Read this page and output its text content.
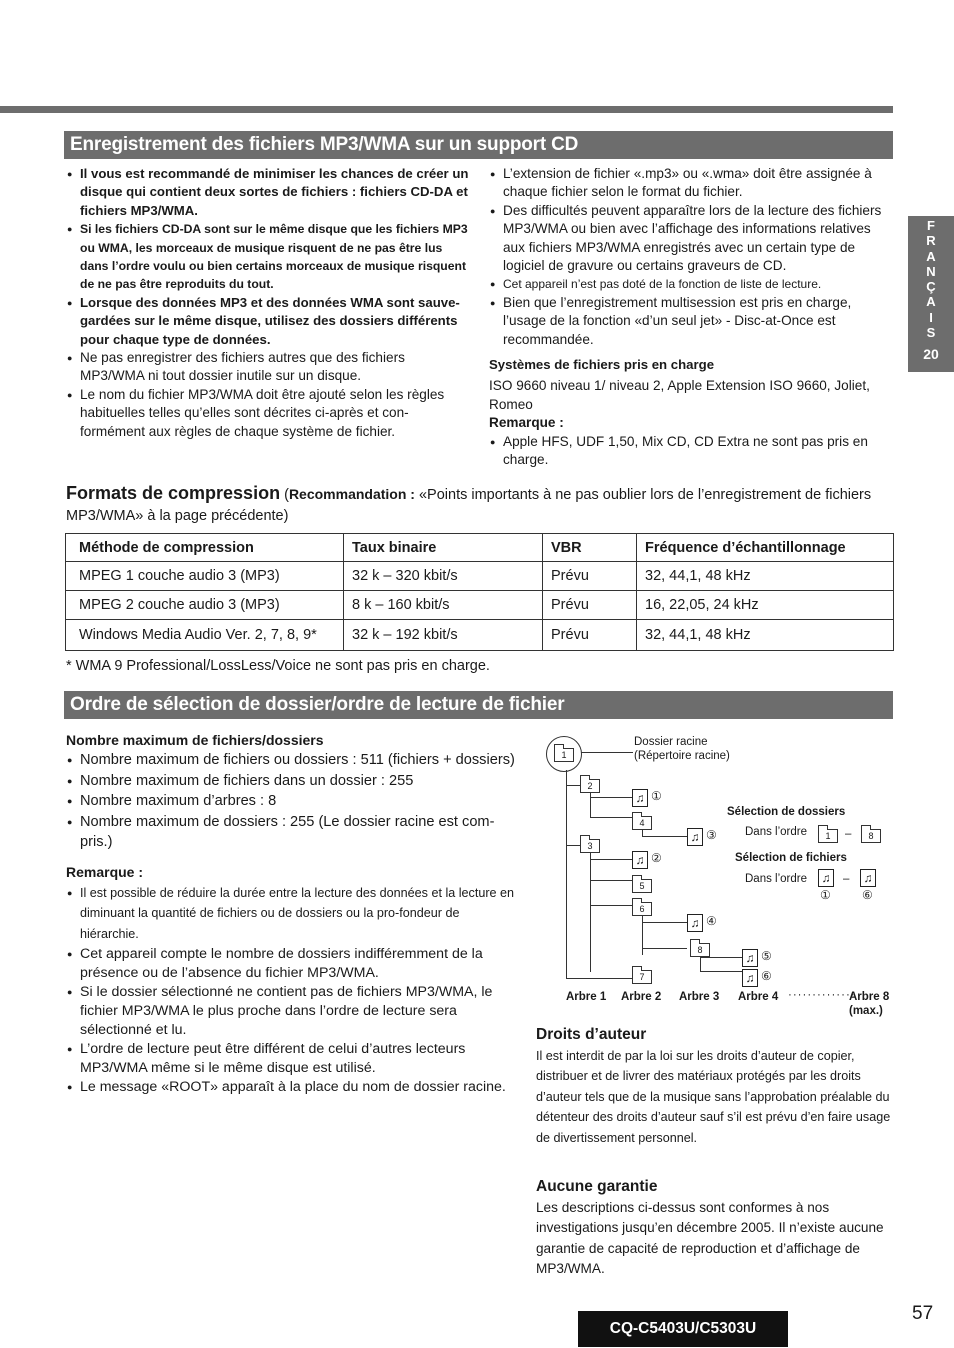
Enregistrement des fichiers MP3/WMA sur un support CD
● Il vous est recommandé de minimiser les chances de créer un disque qui contient deux sortes de fichiers : fichiers CD-DA et fichiers MP3/WMA.
● Si les fichiers CD-DA sont sur le même disque que les fichiers MP3 ou WMA, les morceaux de musique risquent de ne pas être lus dans l’ordre voulu ou bien certains morceaux de musique risquent de ne pas être reproduits du tout.
● Lorsque des données MP3 et des données WMA sont sauve-gardées sur le même disque, utilisez des dossiers différents pour chaque type de données.
● Ne pas enregistrer des fichiers autres que des fichiers MP3/WMA ni tout dossier inutile sur un disque.
● Le nom du fichier MP3/WMA doit être ajouté selon les règles habituelles telles qu’elles sont décrites ci-après et con-formément aux règles de chaque système de fichier.
● L’extension de fichier «.mp3» ou «.wma» doit être assignée à chaque fichier selon le format du fichier.
● Des difficultés peuvent apparaître lors de la lecture des fichiers MP3/WMA ou bien avec l’affichage des informations relatives aux fichiers MP3/WMA enregistrés avec un certain type de logiciel de gravure ou certains graveurs de CD.
● Cet appareil n’est pas doté de la fonction de liste de lecture.
● Bien que l’enregistrement multisession est pris en charge, l’usage de la fonction «d’un seul jet» - Disc-at-Once est recommandée.
Systèmes de fichiers pris en charge
ISO 9660 niveau 1/ niveau 2, Apple Extension ISO 9660, Joliet, Romeo
Remarque :
● Apple HFS, UDF 1,50, Mix CD, CD Extra ne sont pas pris en charge.
F
R
A
N
Ç
A
I
S
20
Formats de compression (Recommandation : «Points importants à ne pas oublier lors de l’enregistrement de fichiers
MP3/WMA» à la page précédente)
Méthode de compression	Taux binaire	VBR	Fréquence d’échantillonnage
MPEG 1 couche audio 3 (MP3)	32 k – 320 kbit/s	Prévu	32, 44,1, 48 kHz
MPEG 2 couche audio 3 (MP3)	8 k – 160 kbit/s	Prévu	16, 22,05, 24 kHz
Windows Media Audio Ver. 2, 7, 8, 9*	32 k – 192 kbit/s	Prévu	32, 44,1, 48 kHz
* WMA 9 Professional/LossLess/Voice ne sont pas pris en charge.
Ordre de sélection de dossier/ordre de lecture de fichier
Nombre maximum de fichiers/dossiers
● Nombre maximum de fichiers ou dossiers : 511 (fichiers + dossiers)
● Nombre maximum de fichiers dans un dossier : 255
● Nombre maximum d’arbres : 8
● Nombre maximum de dossiers : 255 (Le dossier racine est com-pris.)
Remarque :
● Il est possible de réduire la durée entre la lecture des données et la lecture en diminuant la quantité de fichiers ou de dossiers ou la pro-fondeur de hiérarchie.
● Cet appareil compte le nombre de dossiers indifféremment de la présence ou de l’absence du fichier MP3/WMA.
● Si le dossier sélectionné ne contient pas de fichiers MP3/WMA, le fichier MP3/WMA le plus proche dans l’ordre de lecture sera sélectionné et lu.
● L’ordre de lecture peut être différent de celui d’autres lecteurs MP3/WMA même si le même disque est utilisé.
● Le message «ROOT» apparaît à la place du nom de dossier racine.
1
Dossier racine
(Répertoire racine)
2
3
♫ ①
4
♫ ③
♫ ②
5
6
♫ ④
8
♫ ⑤
♫ ⑥
7
Sélection de dossiers
Dans l’ordre	1	–	8
Sélection de fichiers
Dans l’ordre ♫
①
– ♫
⑥
Arbre 1 Arbre 2 Arbre 3 Arbre 4 ··············
Arbre 8
(max.)
Droits d’auteur
Il est interdit de par la loi sur les droits d’auteur de copier, distribuer et de livrer des matériaux protégés par les droits d’auteur tels que de la musique sans l’approbation préalable du détenteur des droits d’auteur sauf s’il est prévu d’en faire usage de divertissement personnel.
Aucune garantie
Les descriptions ci-dessus sont conformes à nos investigations jusqu’en décembre 2005. Il n’existe aucune garantie de capacité de reproduction et d’affichage de MP3/WMA.
CQ-C5403U/C5303U
57
